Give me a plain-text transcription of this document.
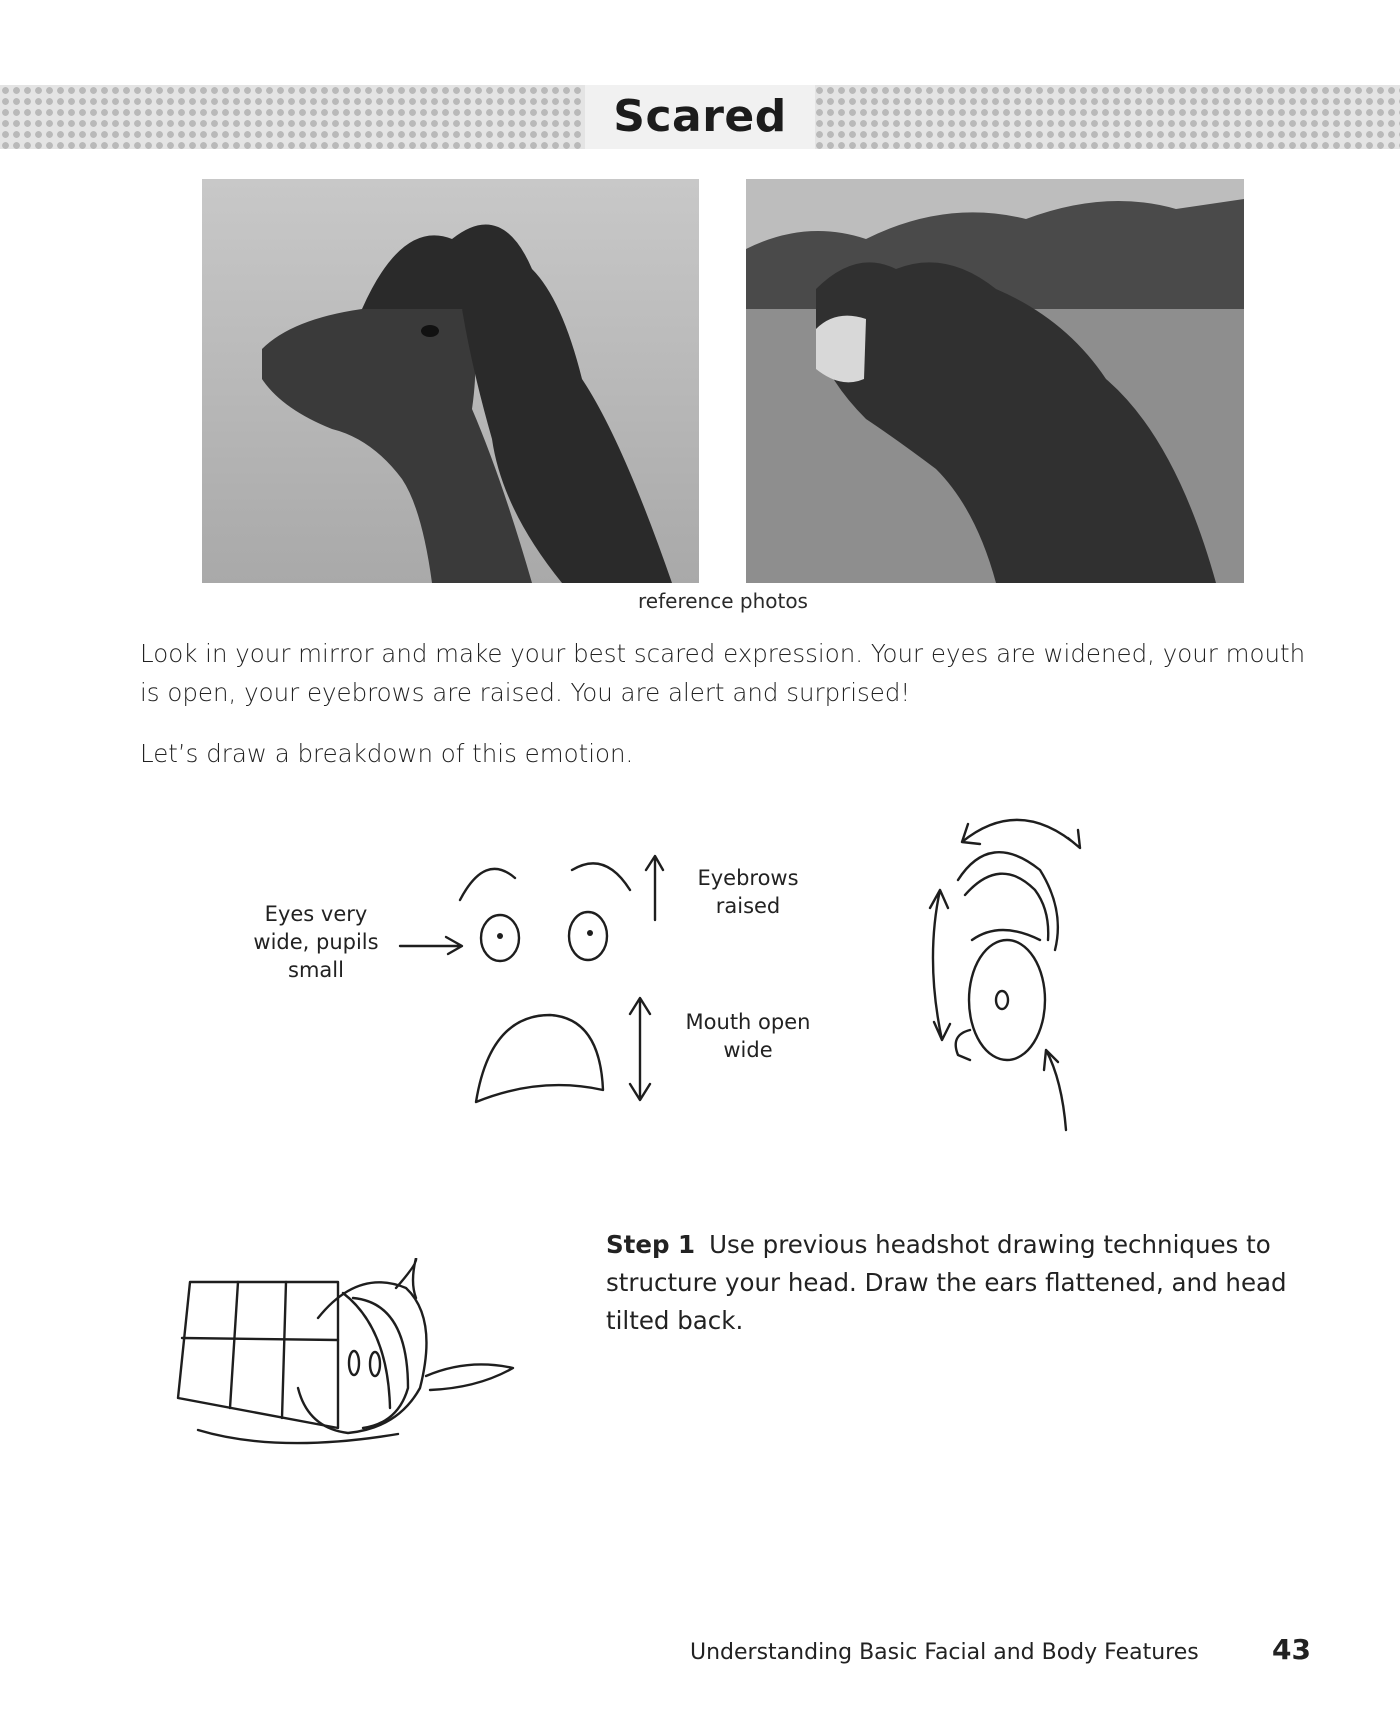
Scared
reference photos

Look in your mirror and make your best scared expression. Your eyes are widened, your mouth is open, your eyebrows are raised. You are alert and surprised!

Let’s draw a breakdown of this emotion.

Eyes very
wide, pupils
small
Eyebrows
raised
Mouth open
wide

Step 1 Use previous headshot drawing techniques to structure your head. Draw the ears flattened, and head tilted back.

Understanding Basic Facial and Body Features	43
